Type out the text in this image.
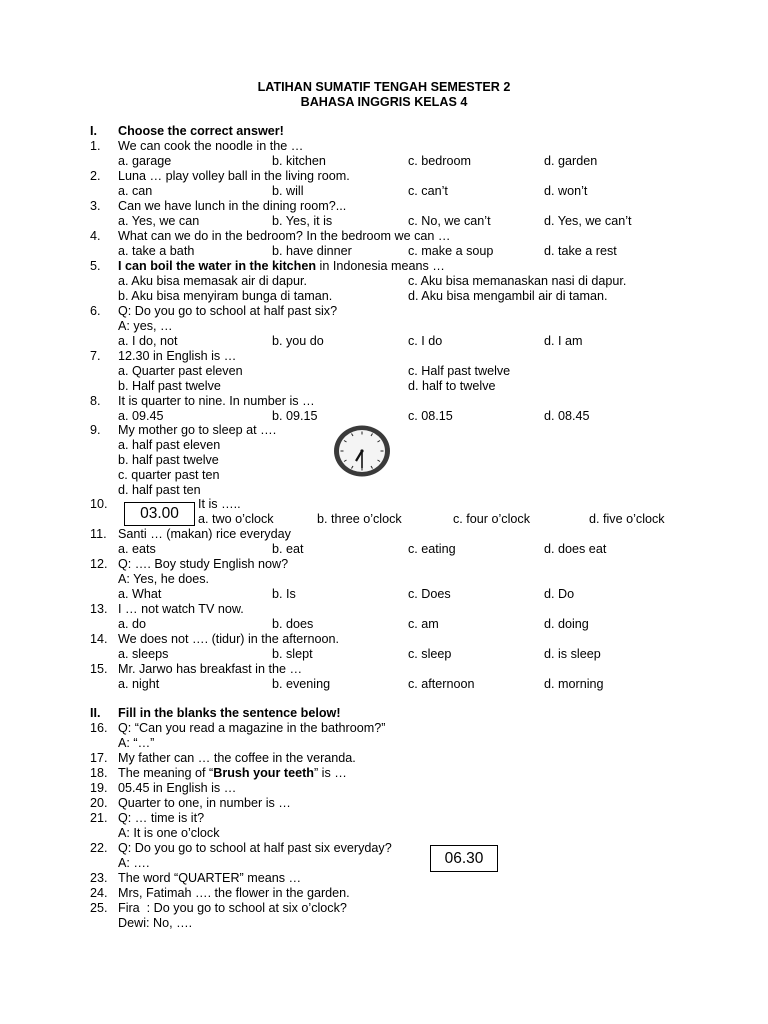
LATIHAN SUMATIF TENGAH SEMESTER 2
BAHASA INGGRIS KELAS 4
I. Choose the correct answer!
1. We can cook the noodle in the …
a. garage	b. kitchen	c. bedroom	d. garden
2. Luna … play volley ball in the living room.
a. can	b. will	c. can’t	d. won’t
3. Can we have lunch in the dining room?...
a. Yes, we can	b. Yes, it is	c. No, we can’t	d. Yes, we can’t
4. What can we do in the bedroom? In the bedroom we can …
a. take a bath	b. have dinner	c. make a soup	d. take a rest
5. I can boil the water in the kitchen in Indonesia means …
a. Aku bisa memasak air di dapur.	c. Aku bisa memanaskan nasi di dapur.
b. Aku bisa menyiram bunga di taman.	d. Aku bisa mengambil air di taman.
6. Q: Do you go to school at half past six?
A: yes, …
a. I do, not	b. you do	c. I do	d. I am
7. 12.30 in English is …
a. Quarter past eleven	c. Half past twelve
b. Half past twelve	d. half to twelve
8. It is quarter to nine. In number is …
a. 09.45	b. 09.15	c. 08.15	d. 08.45
9. My mother go to sleep at ….
a. half past eleven
b. half past twelve
c. quarter past ten
d. half past ten
10.
03.00
It is …..
a. two o’clock	b. three o’clock	c. four o’clock	d. five o’clock
11. Santi … (makan) rice everyday
a. eats	b. eat	c. eating	d. does eat
12. Q: …. Boy study English now?
A: Yes, he does.
a. What	b. Is	c. Does	d. Do
13. I … not watch TV now.
a. do	b. does	c. am	d. doing
14. We does not …. (tidur) in the afternoon.
a. sleeps	b. slept	c. sleep	d. is sleep
15. Mr. Jarwo has breakfast in the …
a. night	b. evening	c. afternoon	d. morning
II. Fill in the blanks the sentence below!
16. Q: “Can you read a magazine in the bathroom?”
A: “…”
17. My father can … the coffee in the veranda.
18. The meaning of “Brush your teeth” is …
19. 05.45 in English is …
20. Quarter to one, in number is …
21. Q: … time is it?
A: It is one o’clock
22. Q: Do you go to school at half past six everyday?
A: ….	06.30
23. The word “QUARTER” means …
24. Mrs, Fatimah …. the flower in the garden.
25. Fira  : Do you go to school at six o’clock?
Dewi: No, ….
